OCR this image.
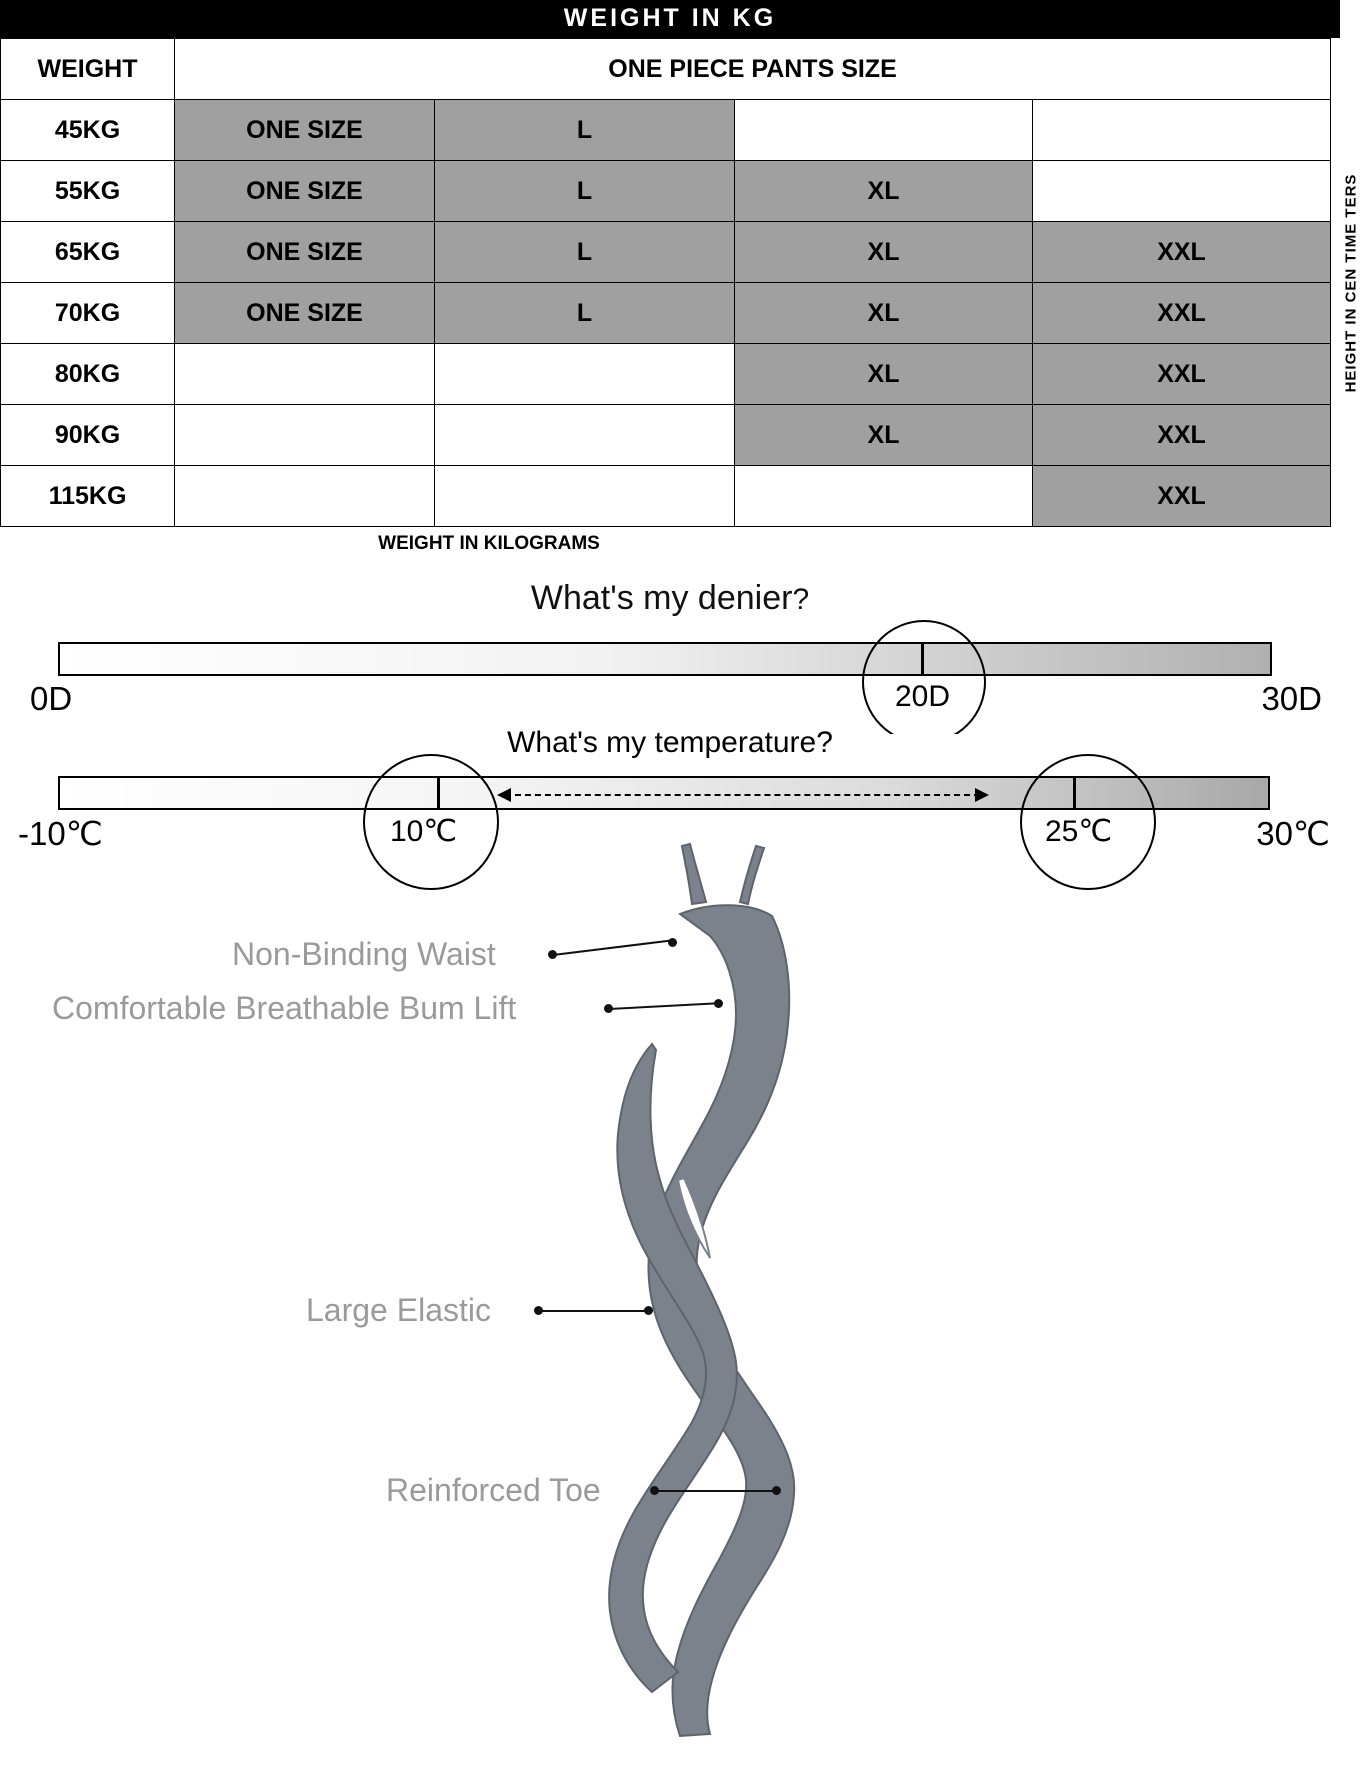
WEIGHT IN KG
WEIGHT	ONE PIECE PANTS SIZE				HEIGHT IN CEN TIME TERS

45KG	ONE SIZE	L			
55KG	ONE SIZE	L	XL		
65KG	ONE SIZE	L	XL	XXL	
70KG	ONE SIZE	L	XL	XXL	
80KG			XL	XXL	
90KG			XL	XXL	
115KG				XXL	
WEIGHT IN KILOGRAMS
What's my denier?
20D
0D	30D
What's my temperature?
10℃	25℃
-10℃	30℃
Non-Binding Waist
Comfortable Breathable Bum Lift
Large Elastic
Reinforced Toe
